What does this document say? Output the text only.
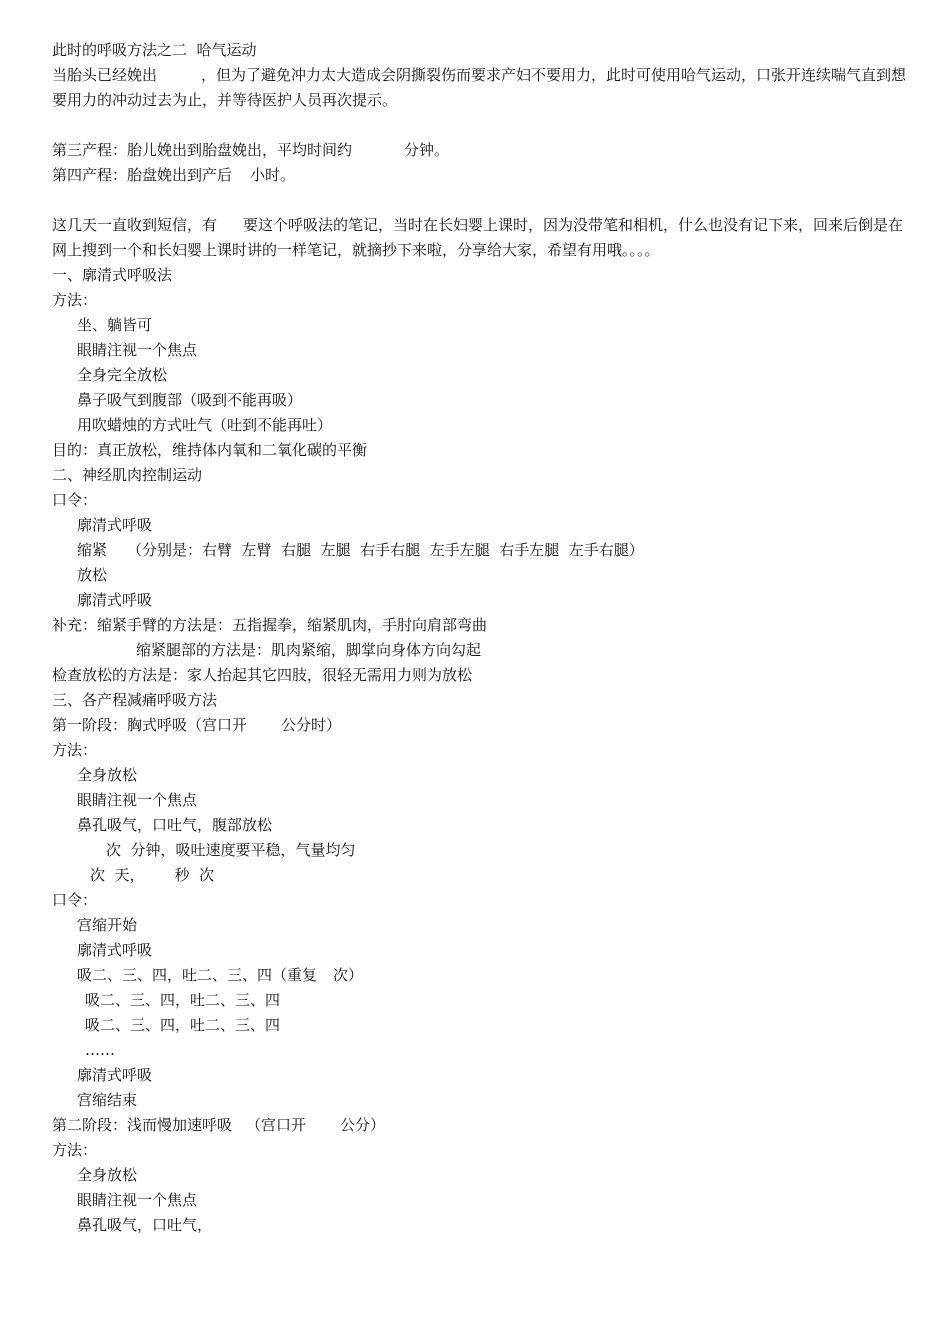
此时的呼吸方法之二  哈气运动
当胎头已经娩出	，但为了避免冲力太大造成会阴撕裂伤而要求产妇不要用力，此时可使用哈气运动，口张开连续喘气直到想要用力的冲动过去为止，并等待医护人员再次提示。
第三产程：胎儿娩出到胎盘娩出，平均时间约	分钟。
第四产程：胎盘娩出到产后 小时。
这几天一直收到短信，有 要这个呼吸法的笔记，当时在长妇婴上课时，因为没带笔和相机，什么也没有记下来，回来后倒是在网上搜到一个和长妇婴上课时讲的一样笔记，就摘抄下来啦，分享给大家，希望有用哦。。。。
一、廓清式呼吸法
方法：
坐、躺皆可
眼睛注视一个焦点
全身完全放松
鼻子吸气到腹部（吸到不能再吸）
用吹蜡烛的方式吐气（吐到不能再吐）
目的：真正放松，维持体内氧和二氧化碳的平衡
二、神经肌肉控制运动
口令：
廓清式呼吸
缩紧 （分别是：右臂  左臂  右腿  左腿  右手右腿  左手左腿  右手左腿  左手右腿）
放松
廓清式呼吸
补充：缩紧手臂的方法是：五指握拳，缩紧肌肉，手肘向肩部弯曲
缩紧腿部的方法是：肌肉紧缩，脚掌向身体方向勾起
检查放松的方法是：家人抬起其它四肢，很轻无需用力则为放松
三、各产程减痛呼吸方法
第一阶段：胸式呼吸（宫口开 公分时）
方法：
全身放松
眼睛注视一个焦点
鼻孔吸气，口吐气，腹部放松
次  分钟，吸吐速度要平稳，气量均匀
次  天， 秒  次
口令：
宫缩开始
廓清式呼吸
吸二、三、四，吐二、三、四（重复 次）
吸二、三、四，吐二、三、四
吸二、三、四，吐二、三、四
……
廓清式呼吸
宫缩结束
第二阶段：浅而慢加速呼吸 （宫口开 公分）
方法：
全身放松
眼睛注视一个焦点
鼻孔吸气，口吐气，
